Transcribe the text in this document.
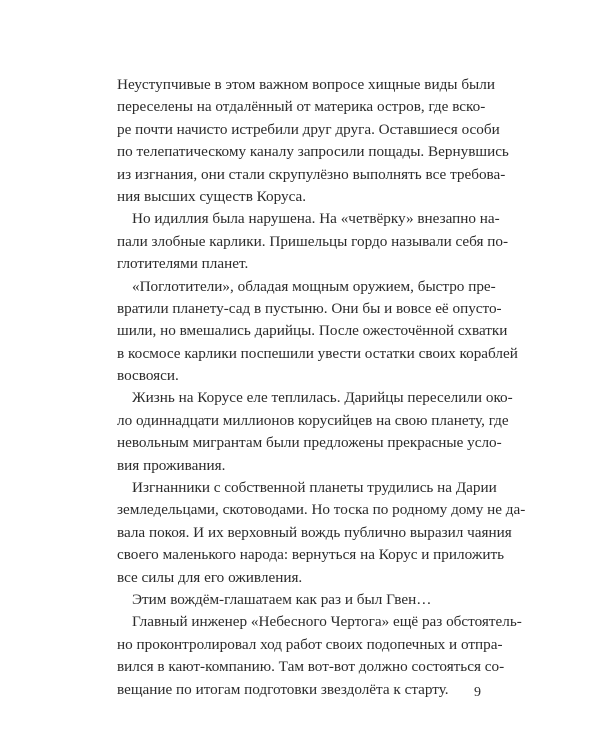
Неуступчивые в этом важном вопросе хищные виды были
переселены на отдалённый от материка остров, где вско-
ре почти начисто истребили друг друга. Оставшиеся особи
по телепатическому каналу запросили пощады. Вернувшись
из изгнания, они стали скрупулёзно выполнять все требова-
ния высших существ Коруса.
Но идиллия была нарушена. На «четвёрку» внезапно на-
пали злобные карлики. Пришельцы гордо называли себя по-
глотителями планет.
«Поглотители», обладая мощным оружием, быстро пре-
вратили планету-сад в пустыню. Они бы и вовсе её опусто-
шили, но вмешались дарийцы. После ожесточённой схватки
в космосе карлики поспешили увести остатки своих кораблей
восвояси.
Жизнь на Корусе еле теплилась. Дарийцы переселили око-
ло одиннадцати миллионов корусийцев на свою планету, где
невольным мигрантам были предложены прекрасные усло-
вия проживания.
Изгнанники с собственной планеты трудились на Дарии
земледельцами, скотоводами. Но тоска по родному дому не да-
вала покоя. И их верховный вождь публично выразил чаяния
своего маленького народа: вернуться на Корус и приложить
все силы для его оживления.
Этим вождём-глашатаем как раз и был Гвен…
Главный инженер «Небесного Чертога» ещё раз обстоятель-
но проконтролировал ход работ своих подопечных и отпра-
вился в кают-компанию. Там вот-вот должно состояться со-
вещание по итогам подготовки звездолёта к старту.	9
